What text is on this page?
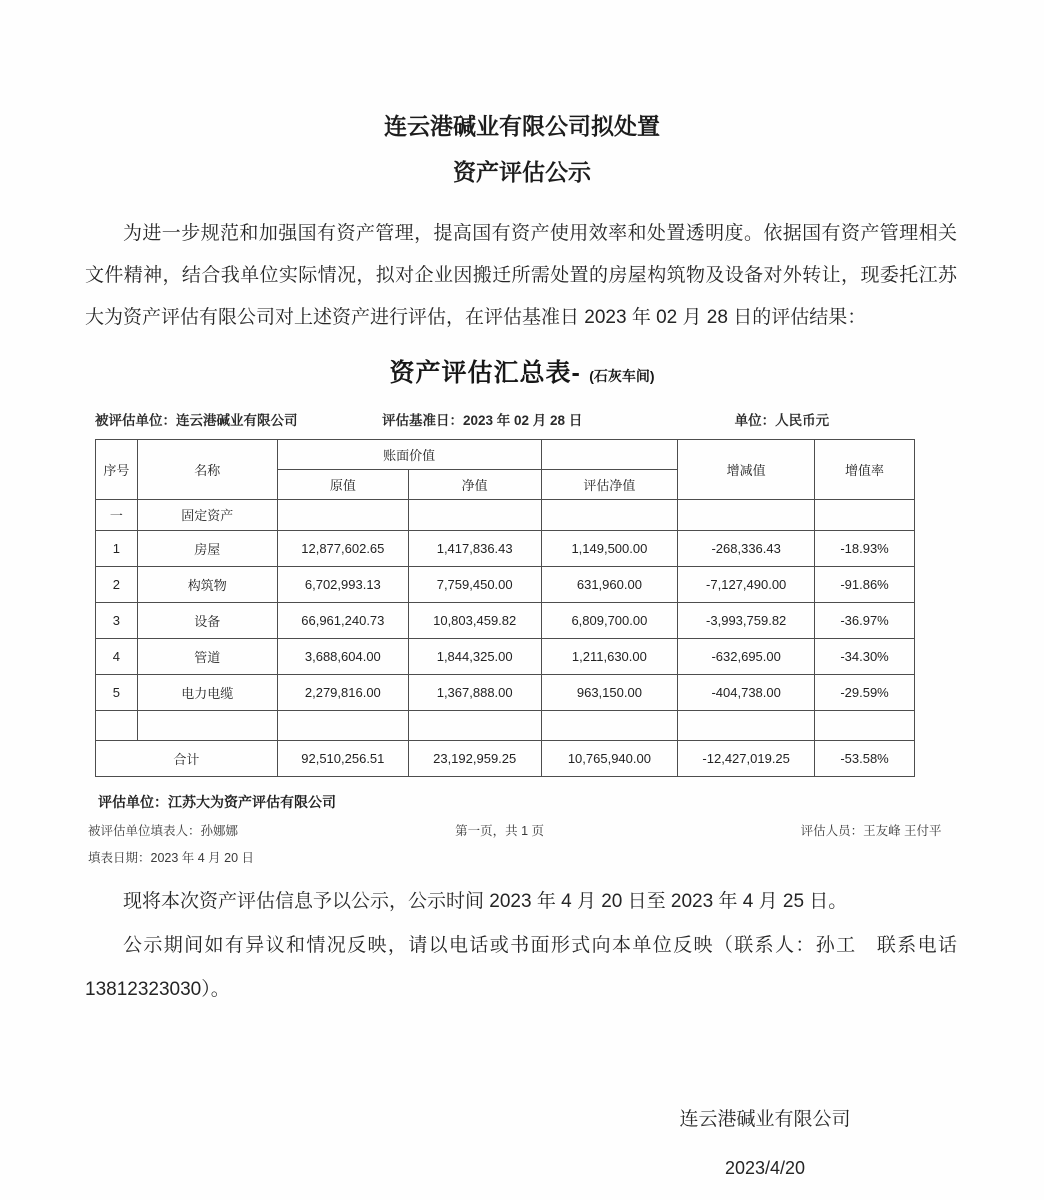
连云港碱业有限公司拟处置
资产评估公示

为进一步规范和加强国有资产管理，提高国有资产使用效率和处置透明度。依据国有资产管理相关文件精神，结合我单位实际情况，拟对企业因搬迁所需处置的房屋构筑物及设备对外转让，现委托江苏大为资产评估有限公司对上述资产进行评估，在评估基准日 2023 年 02 月 28 日的评估结果：

资产评估汇总表- (石灰车间)
被评估单位：连云港碱业有限公司	评估基准日：2023 年 02 月 28 日	单位：人民币元
序号	名称	账面价值			增减值	增值率
		原值	净值	评估净值		
一	固定资产					
1	房屋	12,877,602.65	1,417,836.43	1,149,500.00	-268,336.43	-18.93%
2	构筑物	6,702,993.13	7,759,450.00	631,960.00	-7,127,490.00	-91.86%
3	设备	66,961,240.73	10,803,459.82	6,809,700.00	-3,993,759.82	-36.97%
4	管道	3,688,604.00	1,844,325.00	1,211,630.00	-632,695.00	-34.30%
5	电力电缆	2,279,816.00	1,367,888.00	963,150.00	-404,738.00	-29.59%

合计		92,510,256.51	23,192,959.25	10,765,940.00	-12,427,019.25	-53.58%
评估单位：江苏大为资产评估有限公司
被评估单位填表人：孙娜娜	第一页，共 1 页	评估人员：王友峰 王付平
填表日期：2023 年 4 月 20 日

现将本次资产评估信息予以公示，公示时间 2023 年 4 月 20 日至 2023 年 4 月 25 日。

公示期间如有异议和情况反映，请以电话或书面形式向本单位反映（联系人：孙工　联系电话 13812323030）。

连云港碱业有限公司
2023/4/20
